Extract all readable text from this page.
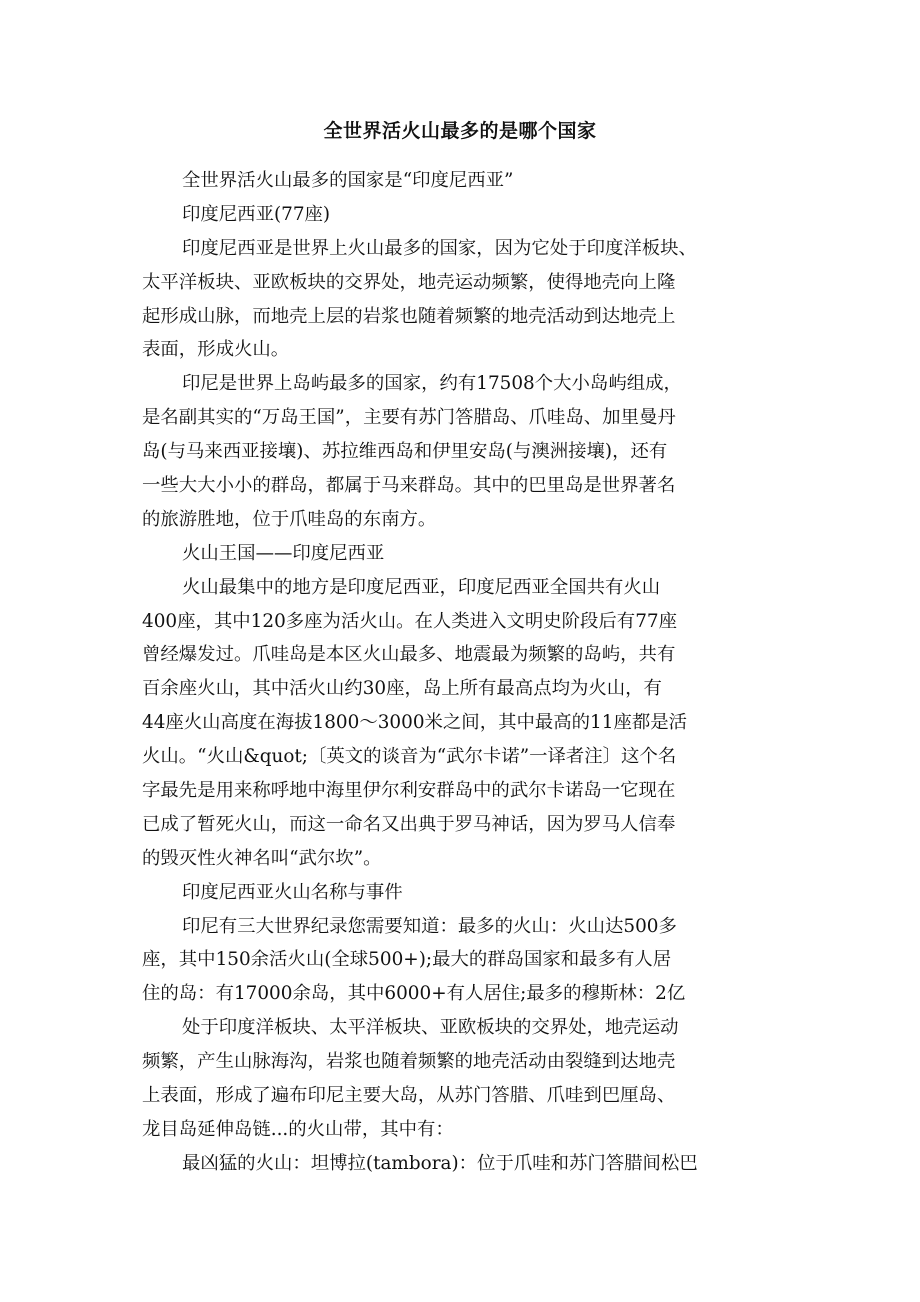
全世界活火山最多的是哪个国家
全世界活火山最多的国家是“印度尼西亚”
印度尼西亚(77座)
印度尼西亚是世界上火山最多的国家，因为它处于印度洋板块、
太平洋板块、亚欧板块的交界处，地壳运动频繁，使得地壳向上隆
起形成山脉，而地壳上层的岩浆也随着频繁的地壳活动到达地壳上
表面，形成火山。
印尼是世界上岛屿最多的国家，约有17508个大小岛屿组成，
是名副其实的“万岛王国”，主要有苏门答腊岛、爪哇岛、加里曼丹
岛(与马来西亚接壤)、苏拉维西岛和伊里安岛(与澳洲接壤)，还有
一些大大小小的群岛，都属于马来群岛。其中的巴里岛是世界著名
的旅游胜地，位于爪哇岛的东南方。
火山王国——印度尼西亚
火山最集中的地方是印度尼西亚，印度尼西亚全国共有火山
400座，其中120多座为活火山。在人类进入文明史阶段后有77座
曾经爆发过。爪哇岛是本区火山最多、地震最为频繁的岛屿，共有
百余座火山，其中活火山约30座，岛上所有最高点均为火山，有
44座火山高度在海拔1800～3000米之间，其中最高的11座都是活
火山。“火山&quot;〔英文的谈音为“武尔卡诺”一译者注〕这个名
字最先是用来称呼地中海里伊尔利安群岛中的武尔卡诺岛一它现在
已成了暂死火山，而这一命名又出典于罗马神话，因为罗马人信奉
的毁灭性火神名叫“武尔坎”。
印度尼西亚火山名称与事件
印尼有三大世界纪录您需要知道：最多的火山：火山达500多
座，其中150余活火山(全球500+);最大的群岛国家和最多有人居
住的岛：有17000余岛，其中6000+有人居住;最多的穆斯林：2亿
处于印度洋板块、太平洋板块、亚欧板块的交界处，地壳运动
频繁，产生山脉海沟，岩浆也随着频繁的地壳活动由裂缝到达地壳
上表面，形成了遍布印尼主要大岛，从苏门答腊、爪哇到巴厘岛、
龙目岛延伸岛链...的火山带，其中有：
最凶猛的火山：坦博拉(tambora)：位于爪哇和苏门答腊间松巴
